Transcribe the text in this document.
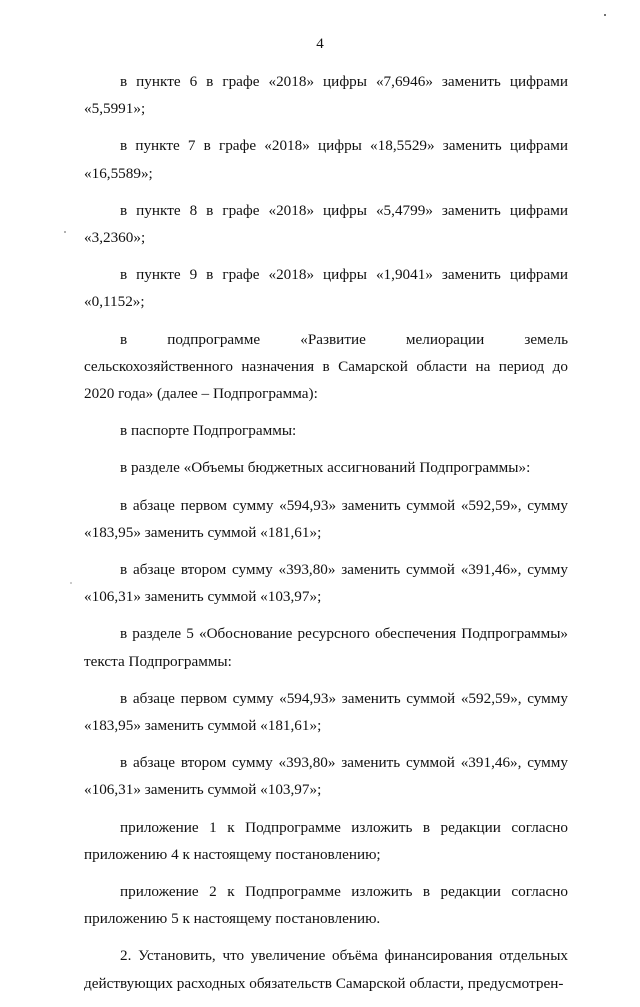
4

в пункте 6 в графе «2018» цифры «7,6946» заменить цифрами «5,5991»;

в пункте 7 в графе «2018» цифры «18,5529» заменить цифрами «16,5589»;

в пункте 8 в графе «2018» цифры «5,4799» заменить цифрами «3,2360»;

в пункте 9 в графе «2018» цифры «1,9041» заменить цифрами «0,1152»;

в подпрограмме «Развитие мелиорации земель сельскохозяйственного назначения в Самарской области на период до 2020 года» (далее – Подпрограмма):

в паспорте Подпрограммы:

в разделе «Объемы бюджетных ассигнований Подпрограммы»:

в абзаце первом сумму «594,93» заменить суммой «592,59», сумму «183,95» заменить суммой «181,61»;

в абзаце втором сумму «393,80» заменить суммой «391,46», сумму «106,31» заменить суммой «103,97»;

в разделе 5 «Обоснование ресурсного обеспечения Подпрограммы» текста Подпрограммы:

в абзаце первом сумму «594,93» заменить суммой «592,59», сумму «183,95» заменить суммой «181,61»;

в абзаце втором сумму «393,80» заменить суммой «391,46», сумму «106,31» заменить суммой «103,97»;

приложение 1 к Подпрограмме изложить в редакции согласно приложению 4 к настоящему постановлению;

приложение 2 к Подпрограмме изложить в редакции согласно приложению 5 к настоящему постановлению.

2. Установить, что увеличение объёма финансирования отдельных действующих расходных обязательств Самарской области, предусмотрен-
